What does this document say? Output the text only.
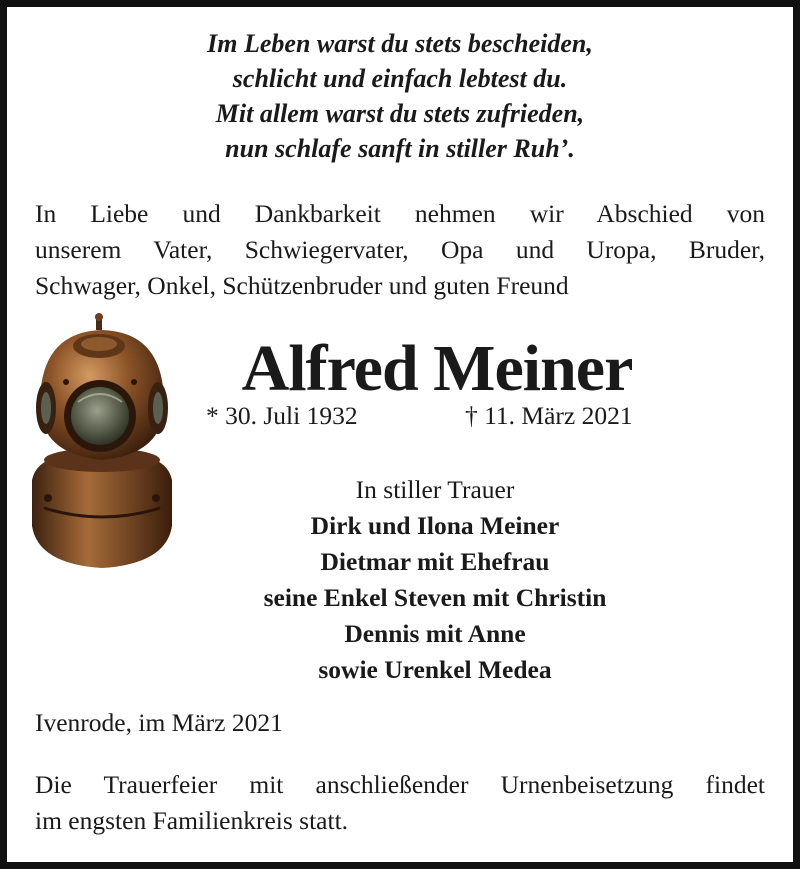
Im Leben warst du stets bescheiden,
schlicht und einfach lebtest du.
Mit allem warst du stets zufrieden,
nun schlafe sanft in stiller Ruh’.
In Liebe und Dankbarkeit nehmen wir Abschied von
unserem Vater, Schwiegervater, Opa und Uropa, Bruder,
Schwager, Onkel, Schützenbruder und guten Freund
Alfred Meiner
* 30. Juli 1932	† 11. März 2021
In stiller Trauer
Dirk und Ilona Meiner
Dietmar mit Ehefrau
seine Enkel Steven mit Christin
Dennis mit Anne
sowie Urenkel Medea
Ivenrode, im März 2021
Die Trauerfeier mit anschließender Urnenbeisetzung findet
im engsten Familienkreis statt.
